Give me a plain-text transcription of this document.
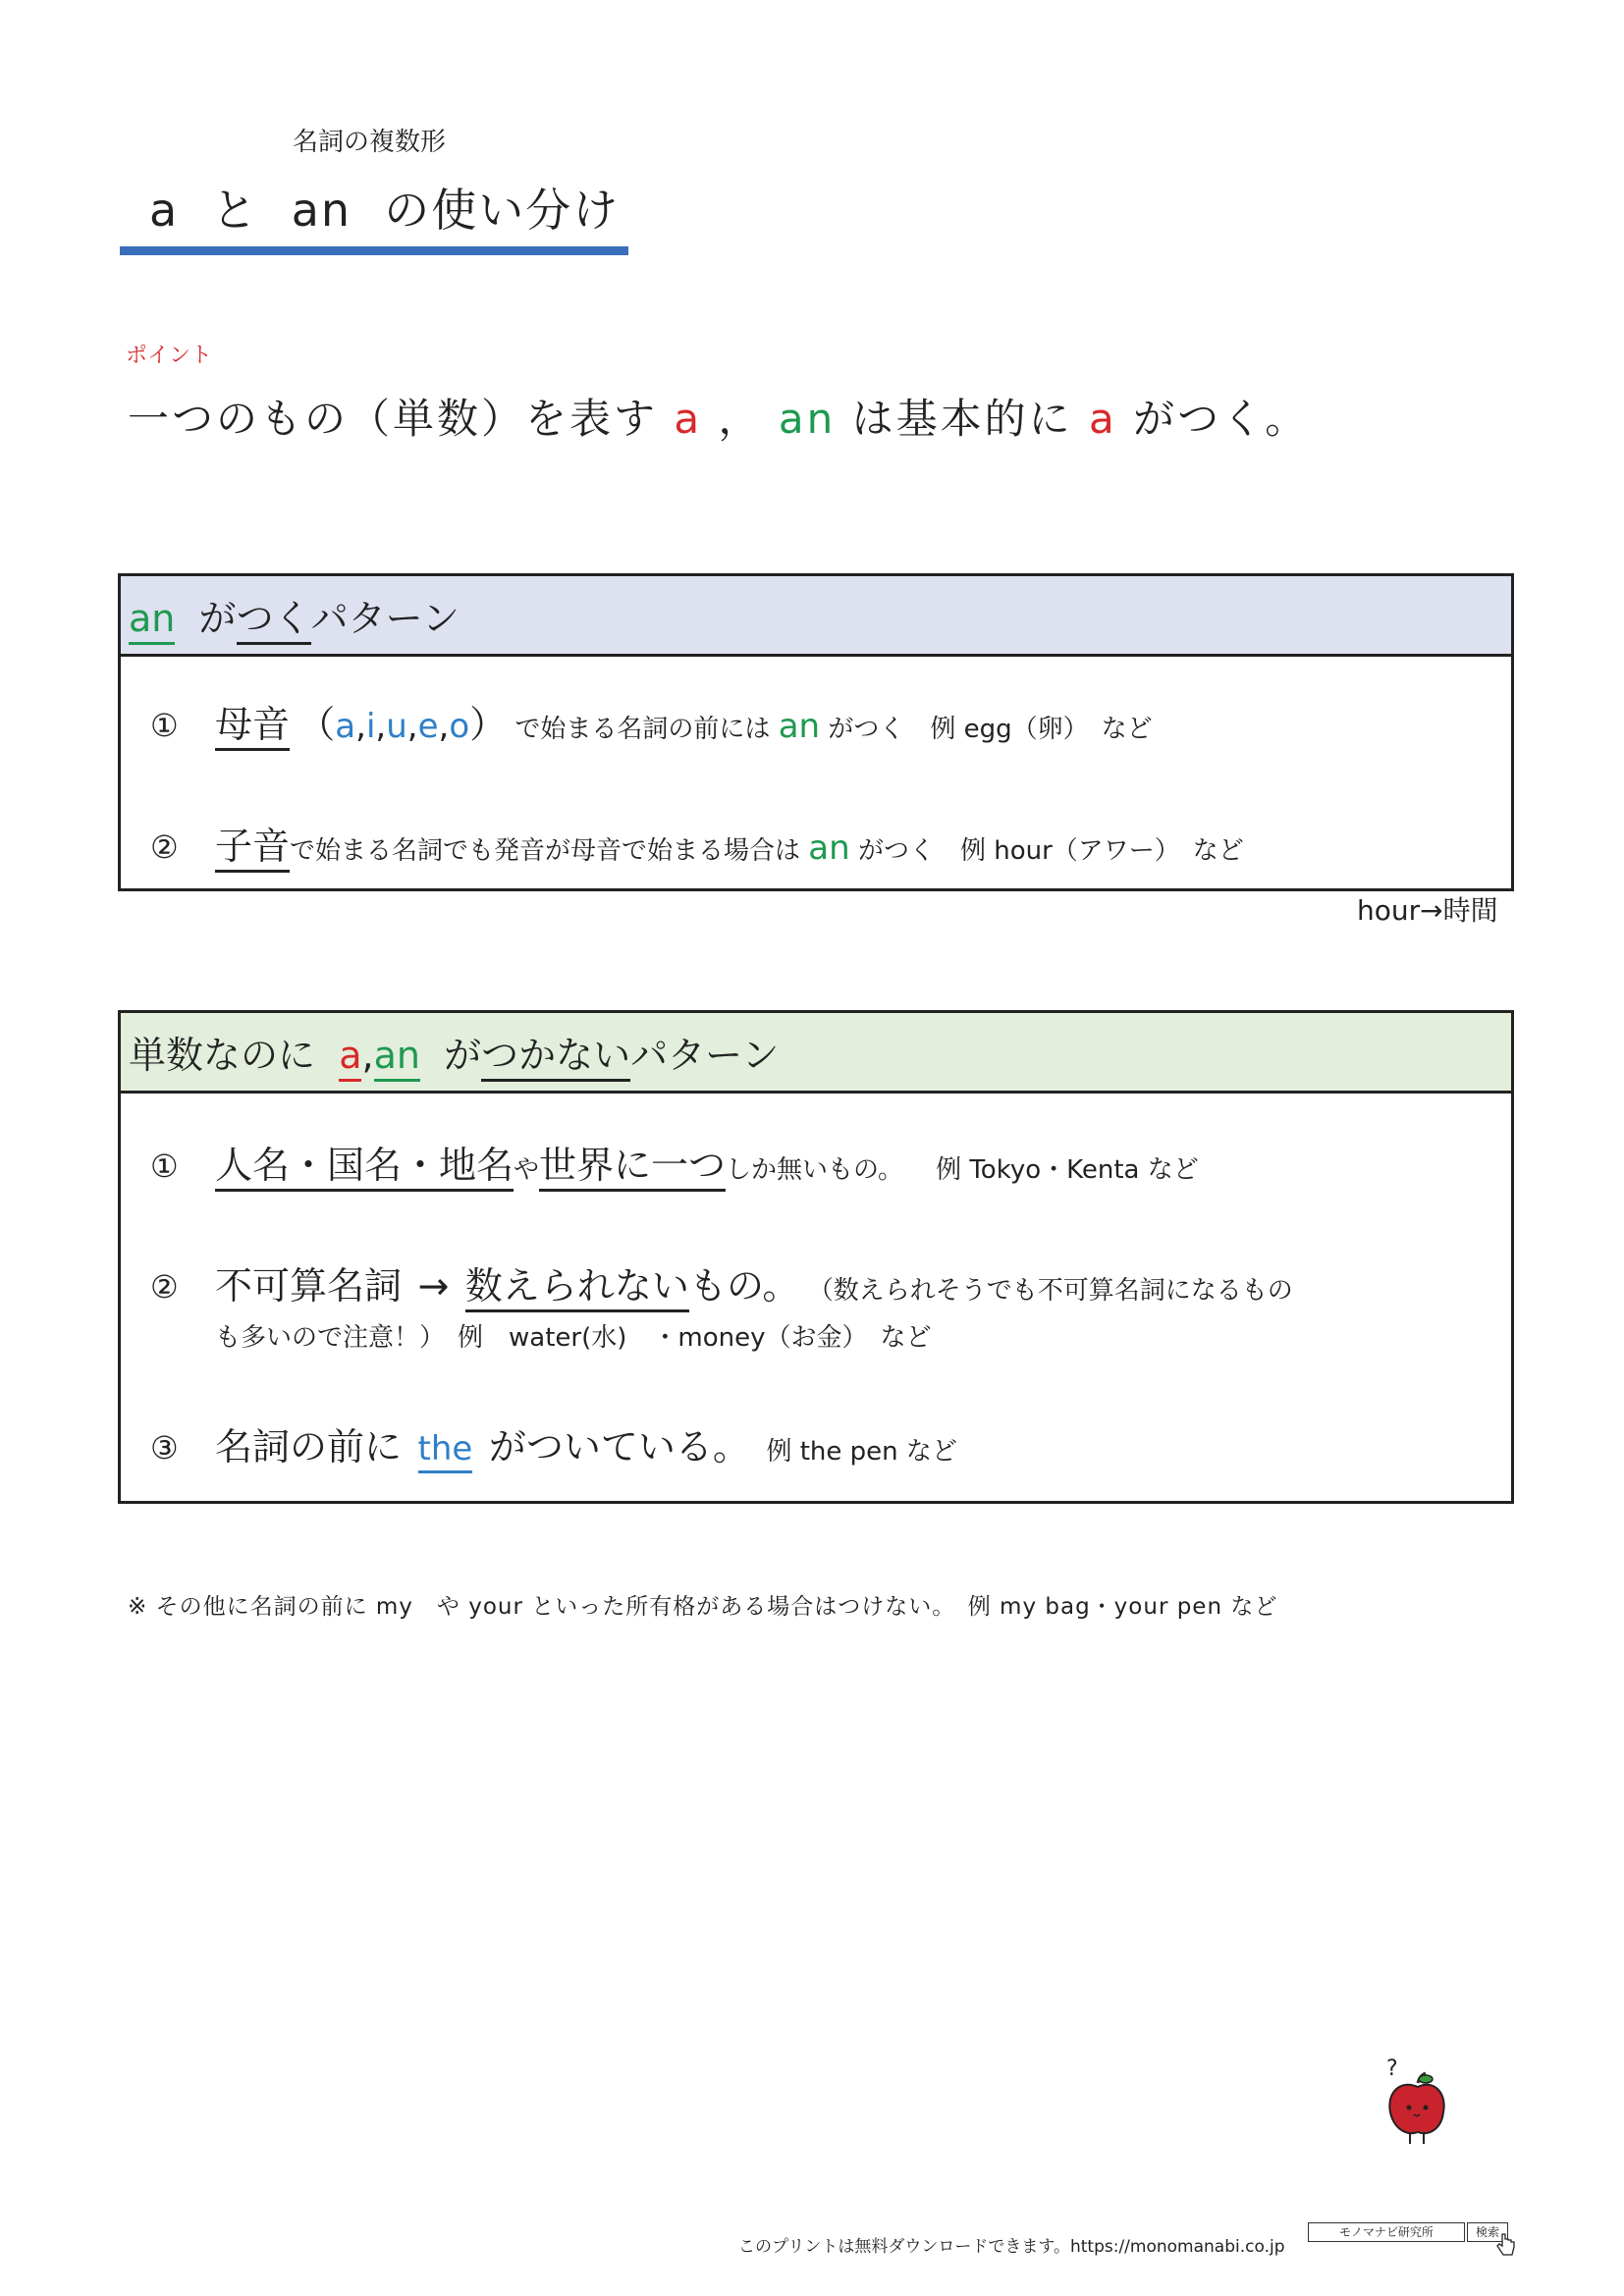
名詞の複数形
a と an の使い分け
ポイント
一つのもの（単数）を表す a ， an は基本的に a がつく。
an がつくパターン
① 母音 （a,i,u,e,o） で始まる名詞の前には an がつく　例 egg（卵）　など
② 子音で始まる名詞でも発音が母音で始まる場合は an がつく　例 hour（アワー）　など
hour→時間
単数なのに a,an がつかないパターン
① 人名・国名・地名や世界に一つしか無いもの。 例 Tokyo・Kenta など
② 不可算名詞 → 数えられないもの。 （数えられそうでも不可算名詞になるもの
も多いので注意！）　例　water(水)　・money（お金）　など
③ 名詞の前に the がついている。 例 the pen など
※ その他に名詞の前に my　や your といった所有格がある場合はつけない。　例 my bag・your pen など
?
このプリントは無料ダウンロードできます。https://monomanabi.co.jp
モノマナビ研究所	検索
